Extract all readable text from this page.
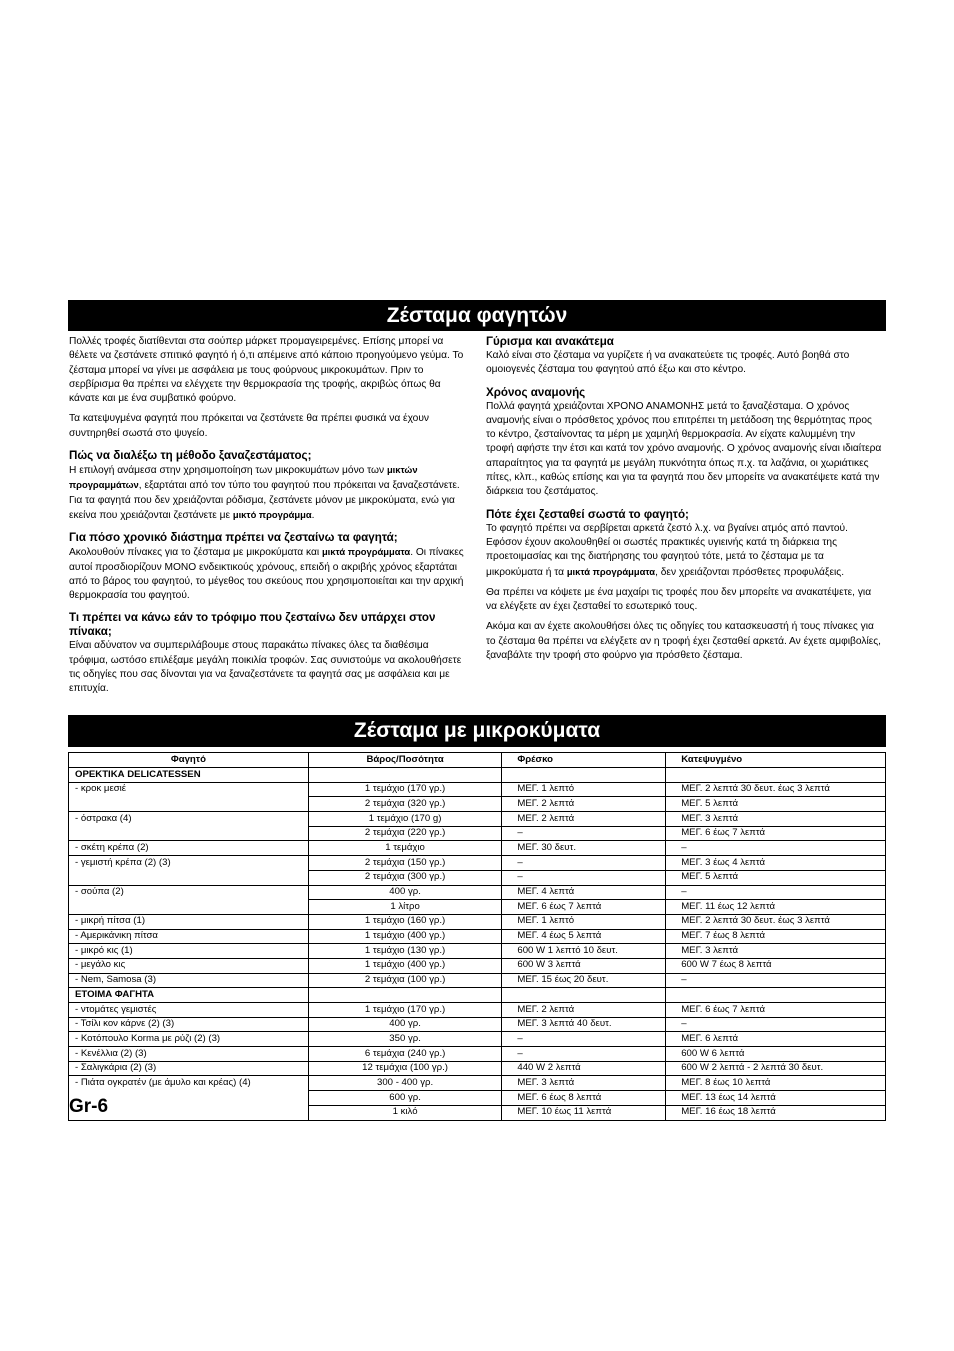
Ζέσταμα φαγητών

Πολλές τροφές διατίθενται στα σούπερ μάρκετ προμαγειρεμένες. Επίσης μπορεί να θέλετε να ζεστάνετε σπιτικό φαγητό ή ό,τι απέμεινε από κάποιο προηγούμενο γεύμα. Το ζέσταμα μπορεί να γίνει με ασφάλεια με τους φούρνους μικροκυμάτων. Πριν το σερβίρισμα θα πρέπει να ελέγχετε την θερμοκρασία της τροφής, ακριβώς όπως θα κάνατε και με ένα συμβατικό φούρνο.

Τα κατεψυγμένα φαγητά που πρόκειται να ζεστάνετε θα πρέπει φυσικά να έχουν συντηρηθεί σωστά στο ψυγείο.

Πώς να διαλέξω τη μέθοδο ξαναζεστάματος;

Η επιλογή ανάμεσα στην χρησιμοποίηση των μικροκυμάτων μόνο των μικτών προγραμμάτων, εξαρτάται από τον τύπο του φαγητού που πρόκειται να ξαναζεστάνετε. Για τα φαγητά που δεν χρειάζονται ρόδισμα, ζεστάνετε μόνον με μικροκύματα, ενώ για εκείνα που χρειάζονται ζεστάνετε με μικτό προγράμμα.

Για πόσο χρονικό διάστημα πρέπει να ζεσταίνω τα φαγητά;

Ακολουθούν πίνακες για το ζέσταμα με μικροκύματα και μικτά προγράμματα. Οι πίνακες αυτοί προσδιορίζουν ΜΟΝΟ ενδεικτικούς χρόνους, επειδή ο ακριβής χρόνος εξαρτάται από το βάρος του φαγητού, το μέγεθος του σκεύους που χρησιμοποιείται και την αρχική θερμοκρασία του φαγητού.

Τι πρέπει να κάνω εάν το τρόφιμο που ζεσταίνω δεν υπάρχει στον πίνακα;

Είναι αδύνατον να συμπεριλάβουμε στους παρακάτω πίνακες όλες τα διαθέσιμα τρόφιμα, ωστόσο επιλέξαμε μεγάλη ποικιλία τροφών. Σας συνιστούμε να ακολουθήσετε τις οδηγίες που σας δίνονται για να ξαναζεστάνετε τα φαγητά σας με ασφάλεια και με επιτυχία.

Γύρισμα και ανακάτεμα

Καλό είναι στο ζέσταμα να γυρίζετε ή να ανακατεύετε τις τροφές. Αυτό βοηθά στο ομοιογενές ζέσταμα του φαγητού από έξω και στο κέντρο.

Χρόνος αναμονής

Πολλά φαγητά χρειάζονται ΧΡΟΝΟ ΑΝΑΜΟΝΗΣ μετά το ξαναζέσταμα. Ο χρόνος αναμονής είναι ο πρόσθετος χρόνος που επιτρέπει τη μετάδοση της θερμότητας προς το κέντρο, ζεσταίνοντας τα μέρη με χαμηλή θερμοκρασία. Αν είχατε καλυμμένη την τροφή αφήστε την έτσι και κατά τον χρόνο αναμονής. Ο χρόνος αναμονής είναι ιδιαίτερα απαραίτητος για τα φαγητά με μεγάλη πυκνότητα όπως π.χ. τα λαζάνια, οι χωριάτικες πίτες, κλπ., καθώς επίσης και για τα φαγητά που δεν μπορείτε να ανακατέψετε κατά την διάρκεια του ζεστάματος.

Πότε έχει ζεσταθεί σωστά το φαγητό;

Το φαγητό πρέπει να σερβίρεται αρκετά ζεστό λ.χ. να βγαίνει ατμός από παντού. Εφόσον έχουν ακολουθηθεί οι σωστές πρακτικές υγιεινής κατά τη διάρκεια της προετοιμασίας και της διατήρησης του φαγητού τότε, μετά το ζέσταμα με τα μικροκύματα ή τα μικτά προγράμματα, δεν χρειάζονται πρόσθετες προφυλάξεις.

Θα πρέπει να κόψετε με ένα μαχαίρι τις τροφές που δεν μπορείτε να ανακατέψετε, για να ελέγξετε αν έχει ζεσταθεί το εσωτερικό τους.

Ακόμα και αν έχετε ακολουθήσει όλες τις οδηγίες του κατασκευαστή ή τους πίνακες για το ζέσταμα θα πρέπει να ελέγξετε αν η τροφή έχει ζεσταθεί αρκετά. Αν έχετε αμφιβολίες, ξαναβάλτε την τροφή στο φούρνο για πρόσθετο ζέσταμα.

Ζέσταμα με μικροκύματα
Φαγητό	Βάρος/Ποσότητα	Φρέσκο	Κατεψυγμένο
ΟΡΕΚΤΙΚΑ DELICATESSEN			
- κροκ μεσιέ	1 τεμάχιο (170 γρ.)	ΜΕΓ. 1 λεπτό	ΜΕΓ. 2 λεπτά 30 δευτ. έως 3 λεπτά
	2 τεμάχια (320 γρ.)	ΜΕΓ. 2 λεπτά	ΜΕΓ. 5 λεπτά
- όστρακα (4)	1 τεμάχιο (170 g)	ΜΕΓ. 2 λεπτά	ΜΕΓ. 3 λεπτά
	2 τεμάχια (220 γρ.)	–	ΜΕΓ. 6 έως 7 λεπτά
- σκέτη κρέπα (2)	1 τεμάχιο	ΜΕΓ. 30 δευτ.	–
- γεμιστή κρέπα (2) (3)	2 τεμάχια (150 γρ.)	–	ΜΕΓ. 3 έως 4 λεπτά
	2 τεμάχια (300 γρ.)	–	ΜΕΓ. 5 λεπτά
- σούπα (2)	400 γρ.	ΜΕΓ. 4 λεπτά	–
	1 λίτρο	ΜΕΓ. 6 έως 7 λεπτά	ΜΕΓ. 11 έως 12 λεπτά
- μικρή πίτσα (1)	1 τεμάχιο (160 γρ.)	ΜΕΓ. 1 λεπτό	ΜΕΓ. 2 λεπτά 30 δευτ. έως 3 λεπτά
- Αμερικάνικη πίτσα	1 τεμάχιο (400 γρ.)	ΜΕΓ. 4 έως 5 λεπτά	ΜΕΓ. 7 έως 8 λεπτά
- μικρό κις (1)	1 τεμάχιο (130 γρ.)	600 W 1 λεπτό 10 δευτ.	ΜΕΓ. 3 λεπτά
- μεγάλο κις	1 τεμάχιο (400 γρ.)	600 W 3 λεπτά	600 W 7 έως 8 λεπτά
- Nem, Samosa (3)	2 τεμάχια (100 γρ.)	ΜΕΓ. 15 έως 20 δευτ.	–
ΕΤΟΙΜΑ ΦΑΓΗΤΑ			
- ντομάτες γεμιστές	1 τεμάχιο (170 γρ.)	ΜΕΓ. 2 λεπτά	ΜΕΓ. 6 έως 7 λεπτά
- Τσίλι κον κάρνε (2) (3)	400 γρ.	ΜΕΓ. 3 λεπτά 40 δευτ.	–
- Κοτόπουλο Korma με ρύζι (2) (3)	350 γρ.	–	ΜΕΓ. 6 λεπτά
- Κενέλλια (2) (3)	6 τεμάχια (240 γρ.)	–	600 W 6 λεπτά
- Σαλιγκάρια (2) (3)	12 τεμάχια (100 γρ.)	440 W 2 λεπτά	600 W 2 λεπτά - 2 λεπτά 30 δευτ.
- Πιάτα ογκρατέν (με άμυλο και κρέας) (4)	300 - 400 γρ.	ΜΕΓ. 3 λεπτά	ΜΕΓ. 8 έως 10 λεπτά
	600 γρ.	ΜΕΓ. 6 έως 8 λεπτά	ΜΕΓ. 13 έως 14 λεπτά
	1 κιλό	ΜΕΓ. 10 έως 11 λεπτά	ΜΕΓ. 16 έως 18 λεπτά
Gr-6
